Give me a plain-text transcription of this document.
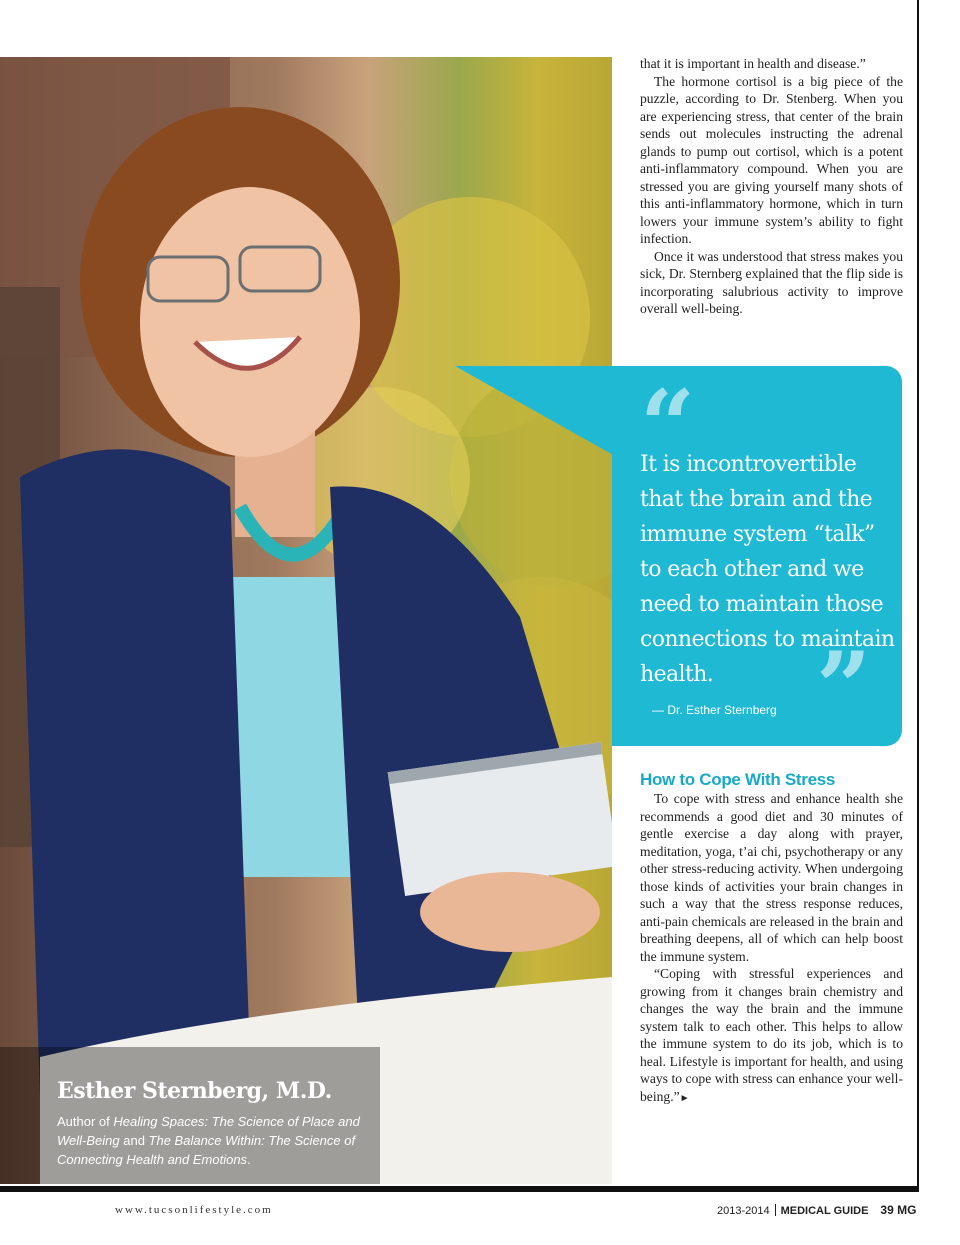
Esther Sternberg, M.D.
Author of Healing Spaces: The Science of Place and Well-Being and The Balance Within: The Science of Connecting Health and Emotions.

that it is important in health and disease.”

The hormone cortisol is a big piece of the puzzle, according to Dr. Stenberg. When you are experiencing stress, that center of the brain sends out molecules instructing the adrenal glands to pump out cortisol, which is a potent anti-inflammatory compound. When you are stressed you are giving yourself many shots of this anti-inflammatory hormone, which in turn lowers your immune system’s ability to fight infection.

Once it was understood that stress makes you sick, Dr. Sternberg explained that the flip side is incorporating salubrious activity to improve overall well-being.

“
It is incontrovertible that the brain and the immune system “talk” to each other and we need to maintain those connections to maintain health.	”
— Dr. Esther Sternberg
How to Cope With Stress

To cope with stress and enhance health she recommends a good diet and 30 minutes of gentle exercise a day along with prayer, meditation, yoga, t’ai chi, psychotherapy or any other stress-reducing activity. When undergoing those kinds of activities your brain changes in such a way that the stress response reduces, anti-pain chemicals are released in the brain and breathing deepens, all of which can help boost the immune system.

“Coping with stressful experiences and growing from it changes brain chemistry and changes the way the brain and the immune system talk to each other. This helps to allow the immune system to do its job, which is to heal. Lifestyle is important for health, and using ways to cope with stress can enhance your well-being.”►

www.tucsonlifestyle.com	2013-2014 MEDICAL GUIDE 39 MG
